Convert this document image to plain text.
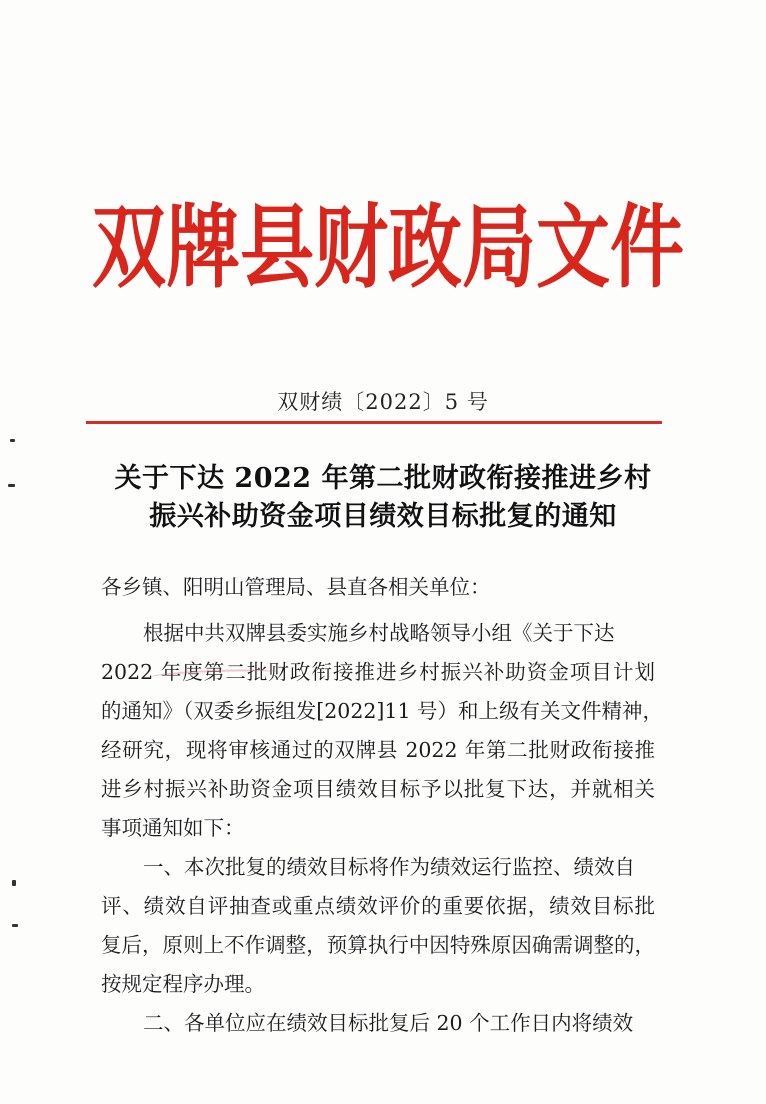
双 牌 县 财 政 局 文 件
双财绩〔2022〕5 号
关于下达 2022 年第二批财政衔接推进乡村
振兴补助资金项目绩效目标批复的通知
各乡镇、阳明山管理局、县直各相关单位：
根据中共双牌县委实施乡村战略领导小组《关于下达
2022 年度第二批财政衔接推进乡村振兴补助资金项目计划
的通知》（双委乡振组发[2022]11 号）和上级有关文件精神，
经研究，现将审核通过的双牌县 2022 年第二批财政衔接推
进乡村振兴补助资金项目绩效目标予以批复下达，并就相关
事项通知如下：
一、本次批复的绩效目标将作为绩效运行监控、绩效自
评、绩效自评抽查或重点绩效评价的重要依据，绩效目标批
复后，原则上不作调整，预算执行中因特殊原因确需调整的，
按规定程序办理。
二、各单位应在绩效目标批复后 20 个工作日内将绩效
